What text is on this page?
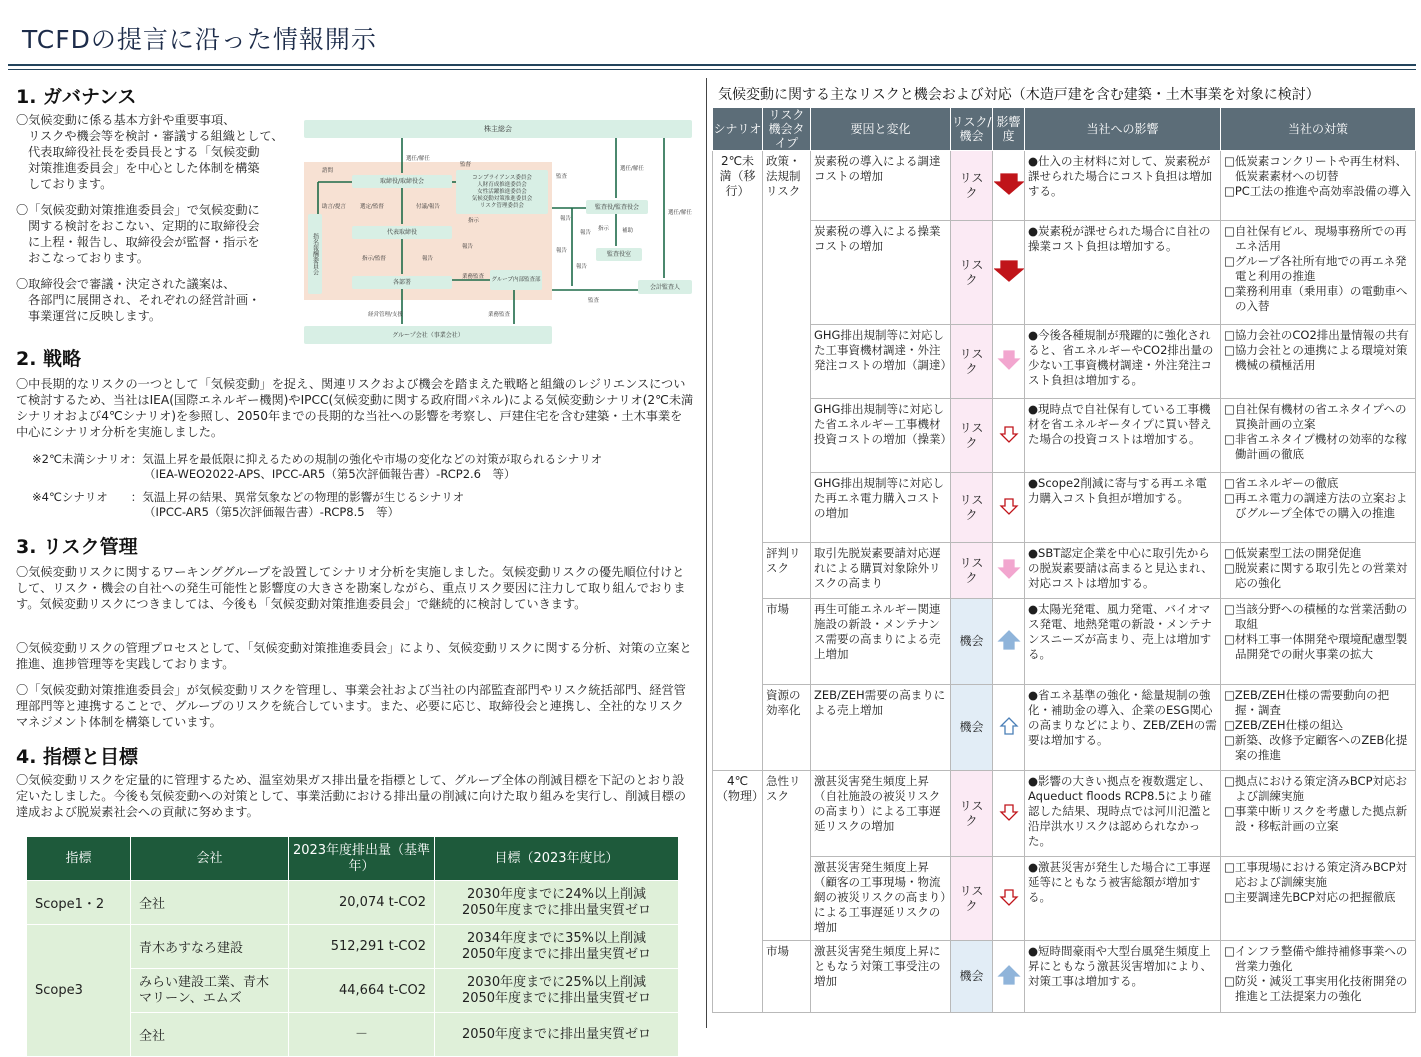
TCFDの提言に沿った情報開示
1. ガバナンス
〇気候変動に係る基本方針や重要事項、
リスクや機会等を検討・審議する組織として、
代表取締役社長を委員長とする「気候変動
対策推進委員会」を中心とした体制を構築
しております。
〇「気候変動対策推進委員会」で気候変動に
関する検討をおこない、定期的に取締役会
に上程・報告し、取締役会が監督・指示を
おこなっております。
〇取締役会で審議・決定された議案は、
各部門に展開され、それぞれの経営計画・
事業運営に反映します。
株主総会
取締役/取締役会
コンプライアンス委員会
人財育成推進委員会
女性活躍推進委員会
気候変動対策推進委員会
リスク管理委員会
代表取締役
各部署	グループ内部監査部
監査役/監査役会
監査役室
会計監査人
グループ会社（事業会社）
指名報酬委員会
選任/解任
選任/解任
選任/解任
監督
監査
報告
報告
諮問
助言/提言	選定/監督	付議/報告
指示
指示/監督	報告
報告
業務監査
報告
指示 補助
監査
経営管理/支援	業務監査
報告
2. 戦略
〇中長期的なリスクの一つとして「気候変動」を捉え、関連リスクおよび機会を踏まえた戦略と組織のレジリエンスについて検討するため、当社はIEA(国際エネルギー機関)やIPCC(気候変動に関する政府間パネル)による気候変動シナリオ(2℃未満シナリオおよび4℃シナリオ)を参照し、2050年までの長期的な当社への影響を考察し、戸建住宅を含む建築・土木事業を中心にシナリオ分析を実施しました。
※2℃未満シナリオ：気温上昇を最低限に抑えるための規制の強化や市場の変化などの対策が取られるシナリオ
（IEA-WEO2022-APS、IPCC-AR5（第5次評価報告書）-RCP2.6　等）
※4℃シナリオ　　：気温上昇の結果、異常気象などの物理的影響が生じるシナリオ
（IPCC-AR5（第5次評価報告書）-RCP8.5　等）
3. リスク管理
〇気候変動リスクに関するワーキンググループを設置してシナリオ分析を実施しました。気候変動リスクの優先順位付けとして、リスク・機会の自社への発生可能性と影響度の大きさを勘案しながら、重点リスク要因に注力して取り組んでおります。気候変動リスクにつきましては、今後も「気候変動対策推進委員会」で継続的に検討していきます。
〇気候変動リスクの管理プロセスとして、「気候変動対策推進委員会」により、気候変動リスクに関する分析、対策の立案と推進、進捗管理等を実践しております。
〇「気候変動対策推進委員会」が気候変動リスクを管理し、事業会社および当社の内部監査部門やリスク統括部門、経営管理部門等と連携することで、グループのリスクを統合しています。また、必要に応じ、取締役会と連携し、全社的なリスクマネジメント体制を構築しています。
4. 指標と目標
〇気候変動リスクを定量的に管理するため、温室効果ガス排出量を指標として、グループ全体の削減目標を下記のとおり設定いたしました。今後も気候変動への対策として、事業活動における排出量の削減に向けた取り組みを実行し、削減目標の達成および脱炭素社会への貢献に努めます。
指標	会社	2023年度排出量（基準年）	目標（2023年度比）
Scope1・2	全社	20,074 t-CO2	2030年度までに24%以上削減
2050年度までに排出量実質ゼロ

Scope3	青木あすなろ建設	512,291 t-CO2	2034年度までに35%以上削減
2050年度までに排出量実質ゼロ

	みらい建設工業、青木マリーン、エムズ	44,664 t-CO2	2030年度までに25%以上削減
2050年度までに排出量実質ゼロ

	全社	－	2050年度までに排出量実質ゼロ
気候変動に関する主なリスクと機会および対応（木造戸建を含む建築・土木事業を対象に検討）
シナリオ	リスク機会タイプ	要因と変化	リスク/機会	影響度	当社への影響	当社の対策
2℃未満（移行）	政策・法規制リスク	炭素税の導入による調達コストの増加	リスク		●仕入の主材料に対して、炭素税が課せられた場合にコスト負担は増加する。	□低炭素コンクリートや再生材料、低炭素素材への切替
□PC工法の推進や高効率設備の導入

		炭素税の導入による操業コストの増加	リスク		●炭素税が課せられた場合に自社の操業コスト負担は増加する。	□自社保有ビル、現場事務所での再エネ活用
□グループ各社所有地での再エネ発電と利用の推進
□業務利用車（乗用車）の電動車への入替

		GHG排出規制等に対応した工事資機材調達・外注発注コストの増加（調達）	リスク		●今後各種規制が飛躍的に強化されると、省エネルギーやCO2排出量の少ない工事資機材調達・外注発注コスト負担は増加する。	□協力会社のCO2排出量情報の共有
□協力会社との連携による環境対策機械の積極活用

		GHG排出規制等に対応した省エネルギー工事機材投資コストの増加（操業）	リスク		●現時点で自社保有している工事機材を省エネルギータイプに買い替えた場合の投資コストは増加する。	□自社保有機材の省エネタイプへの買換計画の立案
□非省エネタイプ機材の効率的な稼働計画の徹底

		GHG排出規制等に対応した再エネ電力購入コストの増加	リスク		●Scope2削減に寄与する再エネ電力購入コスト負担が増加する。	□省エネルギーの徹底
□再エネ電力の調達方法の立案およびグループ全体での購入の推進

	評判リスク	取引先脱炭素要請対応遅れによる購買対象除外リスクの高まり	リスク		●SBT認定企業を中心に取引先からの脱炭素要請は高まると見込まれ、対応コストは増加する。	□低炭素型工法の開発促進
□脱炭素に関する取引先との営業対応の強化

	市場	再生可能エネルギー関連施設の新設・メンテナンス需要の高まりによる売上増加	機会		●太陽光発電、風力発電、バイオマス発電、地熱発電の新設・メンテナンスニーズが高まり、売上は増加する。	□当該分野への積極的な営業活動の取組
□材料工事一体開発や環境配慮型製品開発での耐火事業の拡大

	資源の効率化	ZEB/ZEH需要の高まりによる売上増加	機会		●省エネ基準の強化・総量規制の強化・補助金の導入、企業のESG関心の高まりなどにより、ZEB/ZEHの需要は増加する。	□ZEB/ZEH仕様の需要動向の把握・調査
□ZEB/ZEH仕様の組込
□新築、改修予定顧客へのZEB化提案の推進

4℃（物理）	急性リスク	激甚災害発生頻度上昇（自社施設の被災リスクの高まり）による工事遅延リスクの増加	リスク		●影響の大きい拠点を複数選定し、Aqueduct floods RCP8.5により確認した結果、現時点では河川氾濫と沿岸洪水リスクは認められなかった。	□拠点における策定済みBCP対応および訓練実施
□事業中断リスクを考慮した拠点新設・移転計画の立案

		激甚災害発生頻度上昇（顧客の工事現場・物流網の被災リスクの高まり）による工事遅延リスクの増加	リスク		●激甚災害が発生した場合に工事遅延等にともなう被害総額が増加する。	□工事現場における策定済みBCP対応および訓練実施
□主要調達先BCP対応の把握徹底

	市場	激甚災害発生頻度上昇にともなう対策工事受注の増加	機会		●短時間豪雨や大型台風発生頻度上昇にともなう激甚災害増加により、対策工事は増加する。	□インフラ整備や維持補修事業への営業力強化
□防災・減災工事実用化技術開発の推進と工法提案力の強化
